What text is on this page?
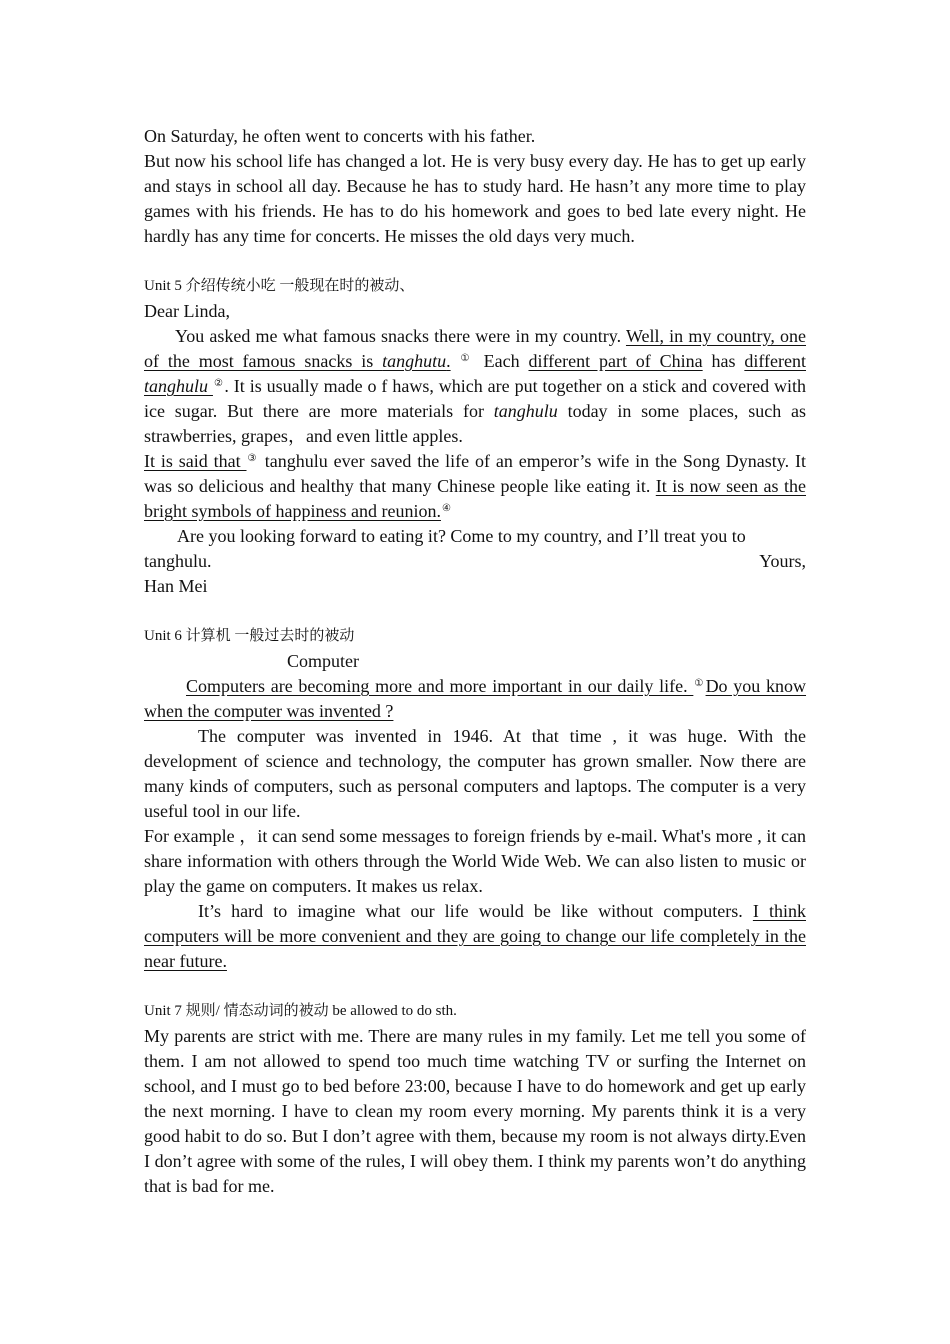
On Saturday, he often went to concerts with his father.

But now his school life has changed a lot. He is very busy every day. He has to get up early and stays in school all day. Because he has to study hard. He hasn’t any more time to play games with his friends. He has to do his homework and goes to bed late every night. He hardly has any time for concerts. He misses the old days very much.

Unit 5 介绍传统小吃 一般现在时的被动、

Dear Linda,

You asked me what famous snacks there were in my country. Well, in my country, one of the most famous snacks is tanghutu. ① Each different part of China has different tanghulu ②. It is usually made o f haws, which are put together on a stick and covered with ice sugar. But there are more materials for tanghulu today in some places, such as strawberries, grapes，and even little apples.

It is said that ③ tanghulu ever saved the life of an emperor’s wife in the Song Dynasty. It was so delicious and healthy that many Chinese people like eating it. It is now seen as the bright symbols of happiness and reunion.④

Are you looking forward to eating it? Come to my country, and I’ll treat you to

tanghulu.	Yours,

Han Mei

Unit 6 计算机 一般过去时的被动

Computer

Computers are becoming more and more important in our daily life. ①Do you know when the computer was invented ?

The computer was invented in 1946. At that time , it was huge. With the development of science and technology, the computer has grown smaller. Now there are many kinds of computers, such as personal computers and laptops. The computer is a very useful tool in our life.

For example ，it can send some messages to foreign friends by e-mail. What's more , it can share information with others through the World Wide Web. We can also listen to music or play the game on computers. It makes us relax.

It’s hard to imagine what our life would be like without computers. I think computers will be more convenient and they are going to change our life completely in the near future.

Unit 7 规则/ 情态动词的被动 be allowed to do sth.

My parents are strict with me. There are many rules in my family. Let me tell you some of them. I am not allowed to spend too much time watching TV or surfing the Internet on school, and I must go to bed before 23:00, because I have to do homework and get up early the next morning. I have to clean my room every morning. My parents think it is a very good habit to do so. But I don’t agree with them, because my room is not always dirty.Even I don’t agree with some of the rules, I will obey them. I think my parents won’t do anything that is bad for me.
